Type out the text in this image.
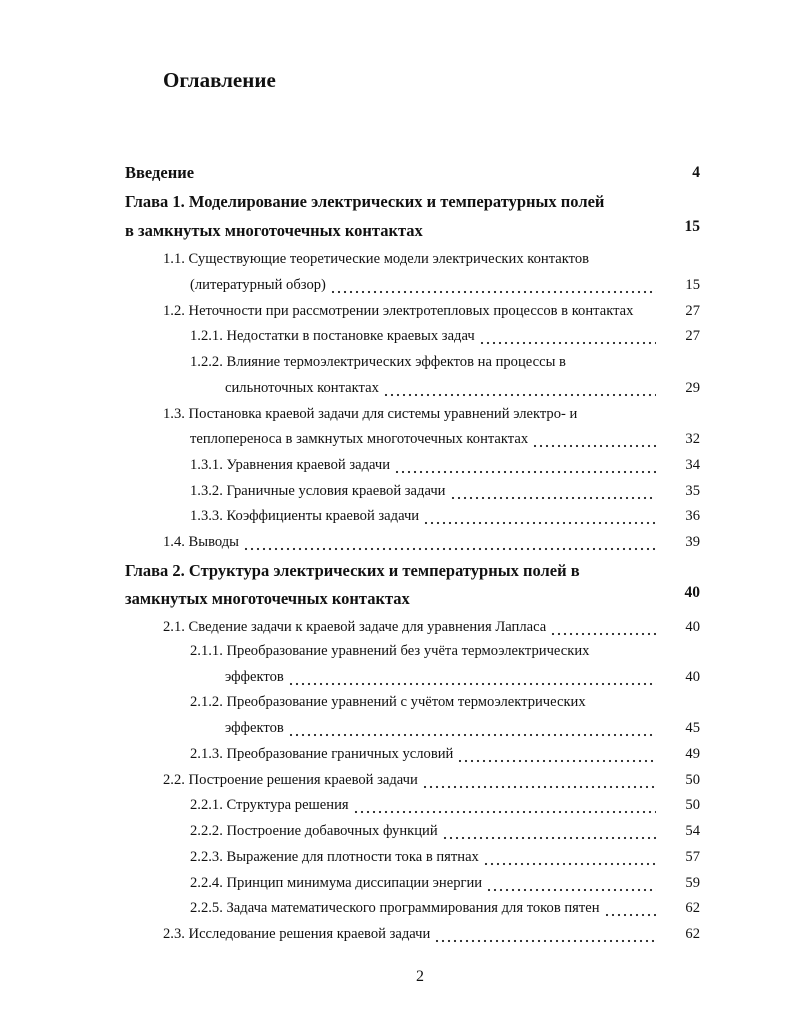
Оглавление
Введение	4
Глава 1. Моделирование электрических и температурных полей
в замкнутых многоточечных контактах	15
1.1. Существующие теоретические модели электрических контактов
(литературный обзор)	15
1.2. Неточности при рассмотрении электротепловых процессов в контактах	27
1.2.1. Недостатки в постановке краевых задач	27
1.2.2. Влияние термоэлектрических эффектов на процессы в
сильноточных контактах	29
1.3. Постановка краевой задачи для системы уравнений электро- и
теплопереноса в замкнутых многоточечных контактах	32
1.3.1. Уравнения краевой задачи	34
1.3.2. Граничные условия краевой задачи	35
1.3.3. Коэффициенты краевой задачи	36
1.4. Выводы	39
Глава 2. Структура электрических и температурных полей в
замкнутых многоточечных контактах	40
2.1. Сведение задачи к краевой задаче для уравнения Лапласа	40
2.1.1. Преобразование уравнений без учёта термоэлектрических
эффектов	40
2.1.2. Преобразование уравнений с учётом термоэлектрических
эффектов	45
2.1.3. Преобразование граничных условий	49
2.2. Построение решения краевой задачи	50
2.2.1. Структура решения	50
2.2.2. Построение добавочных функций	54
2.2.3. Выражение для плотности тока в пятнах	57
2.2.4. Принцип минимума диссипации энергии	59
2.2.5. Задача математического программирования для токов пятен	62
2.3. Исследование решения краевой задачи	62
2
